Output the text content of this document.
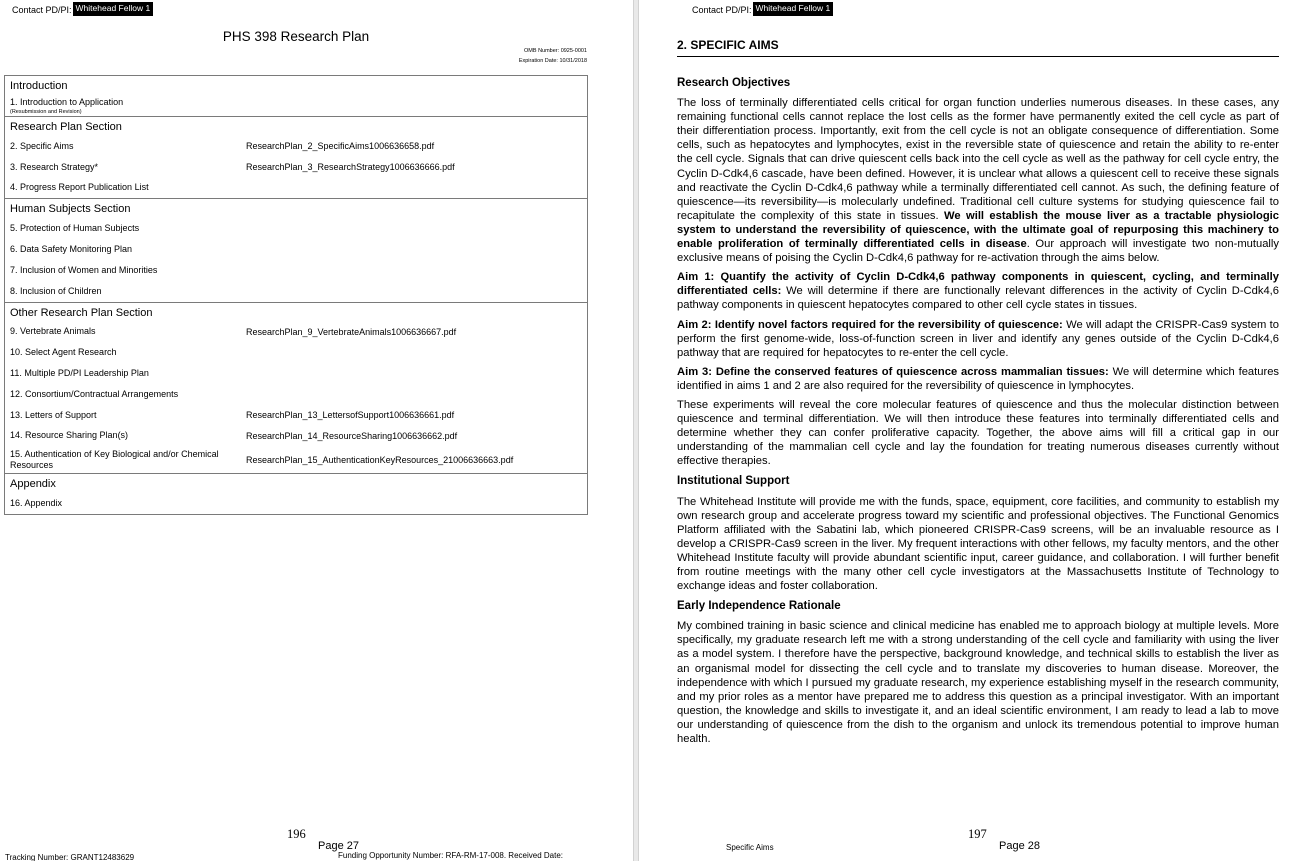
Contact PD/PI: Whitehead Fellow 1
PHS 398 Research Plan
OMB Number: 0925-0001
Expiration Date: 10/31/2018
Introduction
1. Introduction to Application
(Resubmission and Revision)
Research Plan Section
2. Specific Aims	ResearchPlan_2_SpecificAims1006636658.pdf
3. Research Strategy*	ResearchPlan_3_ResearchStrategy1006636666.pdf
4. Progress Report Publication List
Human Subjects Section
5. Protection of Human Subjects
6. Data Safety Monitoring Plan
7. Inclusion of Women and Minorities
8. Inclusion of Children
Other Research Plan Section
9. Vertebrate Animals	ResearchPlan_9_VertebrateAnimals1006636667.pdf
10. Select Agent Research
11. Multiple PD/PI Leadership Plan
12. Consortium/Contractual Arrangements
13. Letters of Support	ResearchPlan_13_LettersofSupport1006636661.pdf
14. Resource Sharing Plan(s)	ResearchPlan_14_ResourceSharing1006636662.pdf
15. Authentication of Key Biological and/or Chemical Resources	ResearchPlan_15_AuthenticationKeyResources_21006636663.pdf
Appendix
16. Appendix
196
Page 27
Tracking Number: GRANT12483629	Funding Opportunity Number: RFA-RM-17-008. Received Date:
Contact PD/PI: Whitehead Fellow 1
2. SPECIFIC AIMS
Research Objectives

The loss of terminally differentiated cells critical for organ function underlies numerous diseases. In these cases, any remaining functional cells cannot replace the lost cells as the former have permanently exited the cell cycle as part of their differentiation process. Importantly, exit from the cell cycle is not an obligate consequence of differentiation. Some cells, such as hepatocytes and lymphocytes, exist in the reversible state of quiescence and retain the ability to re-enter the cell cycle. Signals that can drive quiescent cells back into the cell cycle as well as the pathway for cell cycle entry, the Cyclin D-Cdk4,6 cascade, have been defined. However, it is unclear what allows a quiescent cell to receive these signals and reactivate the Cyclin D-Cdk4,6 pathway while a terminally differentiated cell cannot. As such, the defining feature of quiescence—its reversibility—is molecularly undefined. Traditional cell culture systems for studying quiescence fail to recapitulate the complexity of this state in tissues. We will establish the mouse liver as a tractable physiologic system to understand the reversibility of quiescence, with the ultimate goal of repurposing this machinery to enable proliferation of terminally differentiated cells in disease. Our approach will investigate two non-mutually exclusive means of poising the Cyclin D-Cdk4,6 pathway for re-activation through the aims below.

Aim 1: Quantify the activity of Cyclin D-Cdk4,6 pathway components in quiescent, cycling, and terminally differentiated cells: We will determine if there are functionally relevant differences in the activity of Cyclin D-Cdk4,6 pathway components in quiescent hepatocytes compared to other cell cycle states in tissues.

Aim 2: Identify novel factors required for the reversibility of quiescence: We will adapt the CRISPR-Cas9 system to perform the first genome-wide, loss-of-function screen in liver and identify any genes outside of the Cyclin D-Cdk4,6 pathway that are required for hepatocytes to re-enter the cell cycle.

Aim 3: Define the conserved features of quiescence across mammalian tissues: We will determine which features identified in aims 1 and 2 are also required for the reversibility of quiescence in lymphocytes.

These experiments will reveal the core molecular features of quiescence and thus the molecular distinction between quiescence and terminal differentiation. We will then introduce these features into terminally differentiated cells and determine whether they can confer proliferative capacity. Together, the above aims will fill a critical gap in our understanding of the mammalian cell cycle and lay the foundation for treating numerous diseases currently without effective therapies.

Institutional Support

The Whitehead Institute will provide me with the funds, space, equipment, core facilities, and community to establish my own research group and accelerate progress toward my scientific and professional objectives. The Functional Genomics Platform affiliated with the Sabatini lab, which pioneered CRISPR-Cas9 screens, will be an invaluable resource as I develop a CRISPR-Cas9 screen in the liver. My frequent interactions with other fellows, my faculty mentors, and the other Whitehead Institute faculty will provide abundant scientific input, career guidance, and collaboration. I will further benefit from routine meetings with the many other cell cycle investigators at the Massachusetts Institute of Technology to exchange ideas and foster collaboration.

Early Independence Rationale

My combined training in basic science and clinical medicine has enabled me to approach biology at multiple levels. More specifically, my graduate research left me with a strong understanding of the cell cycle and familiarity with using the liver as a model system. I therefore have the perspective, background knowledge, and technical skills to establish the liver as an organismal model for dissecting the cell cycle and to translate my discoveries to human disease. Moreover, the independence with which I pursued my graduate research, my experience establishing myself in the research community, and my prior roles as a mentor have prepared me to address this question as a principal investigator. With an important question, the knowledge and skills to investigate it, and an ideal scientific environment, I am ready to lead a lab to move our understanding of quiescence from the dish to the organism and unlock its tremendous potential to improve human health.

Specific Aims
197
Page 28
